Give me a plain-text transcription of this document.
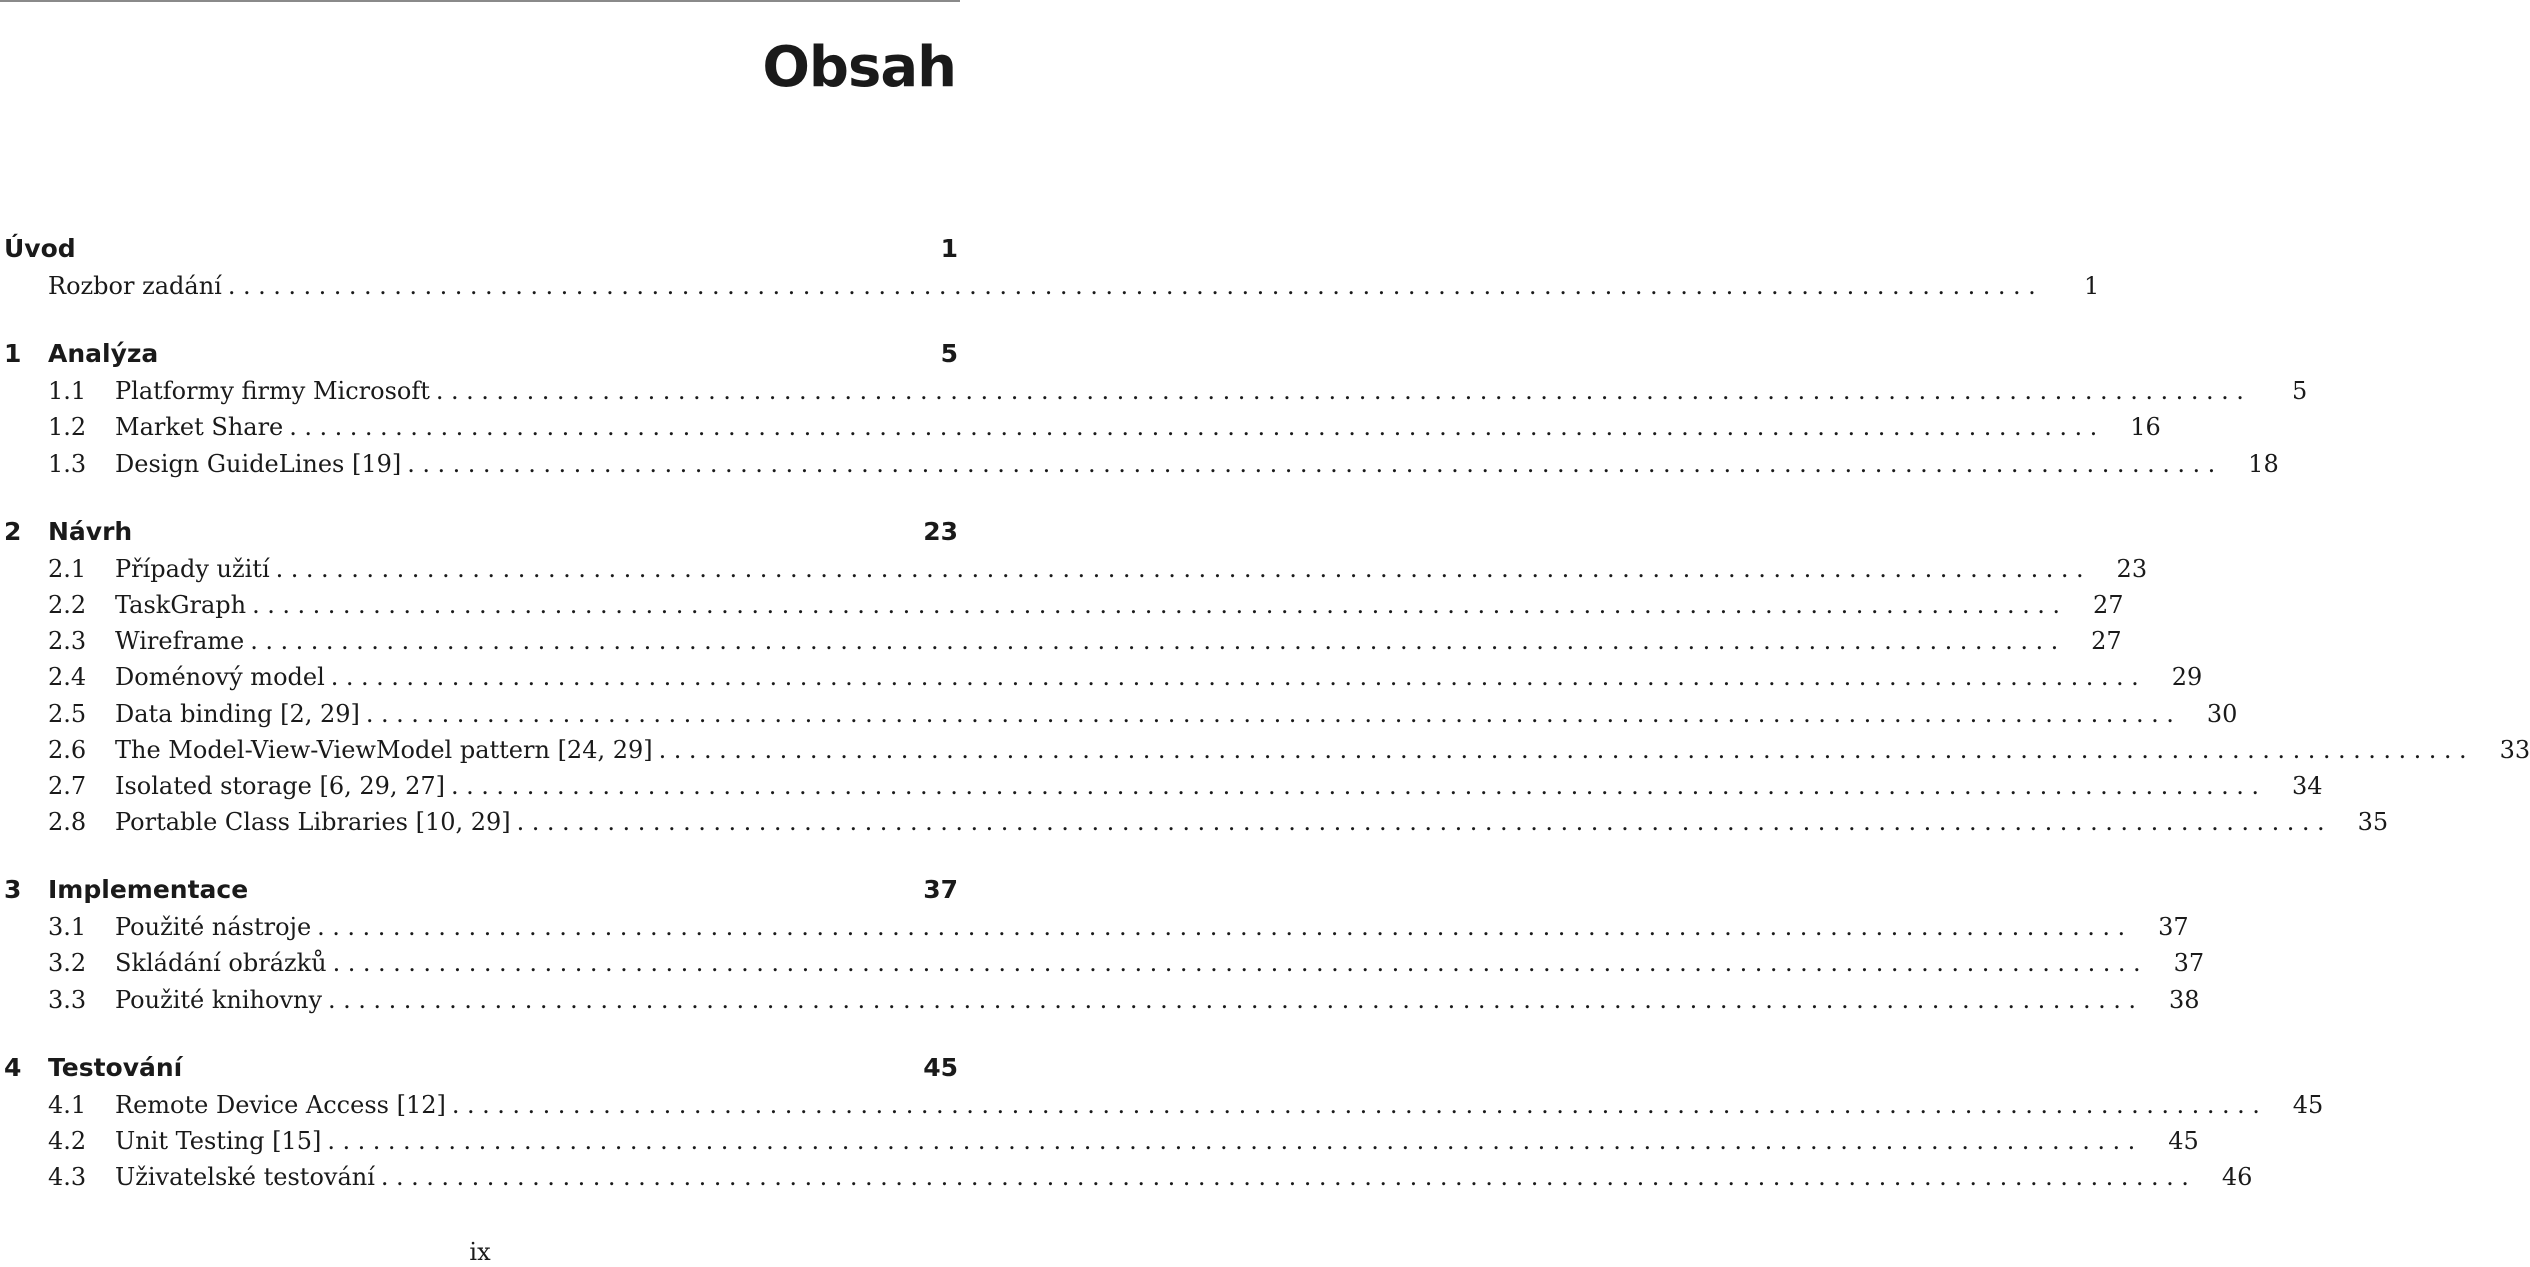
Obsah
Úvod	1
Rozbor zadání ........................................................................................................................	1
1	Analýza	5
1.1	Platformy firmy Microsoft ........................................................................................................................	5
1.2	Market Share ........................................................................................................................ 16
1.3	Design GuideLines [19] ........................................................................................................................ 18
2	Návrh	23
2.1	Případy užití ........................................................................................................................ 23
2.2	TaskGraph ........................................................................................................................ 27
2.3	Wireframe ........................................................................................................................ 27
2.4	Doménový model ........................................................................................................................ 29
2.5	Data binding [2, 29] ........................................................................................................................ 30
2.6	The Model-View-ViewModel pattern [24, 29] ........................................................................................................................ 33
2.7	Isolated storage [6, 29, 27] ........................................................................................................................ 34
2.8	Portable Class Libraries [10, 29] ........................................................................................................................ 35
3	Implementace	37
3.1	Použité nástroje ........................................................................................................................ 37
3.2	Skládání obrázků ........................................................................................................................ 37
3.3	Použité knihovny ........................................................................................................................ 38
4	Testování	45
4.1	Remote Device Access [12] ........................................................................................................................ 45
4.2	Unit Testing [15] ........................................................................................................................ 45
4.3	Uživatelské testování ........................................................................................................................ 46
ix
